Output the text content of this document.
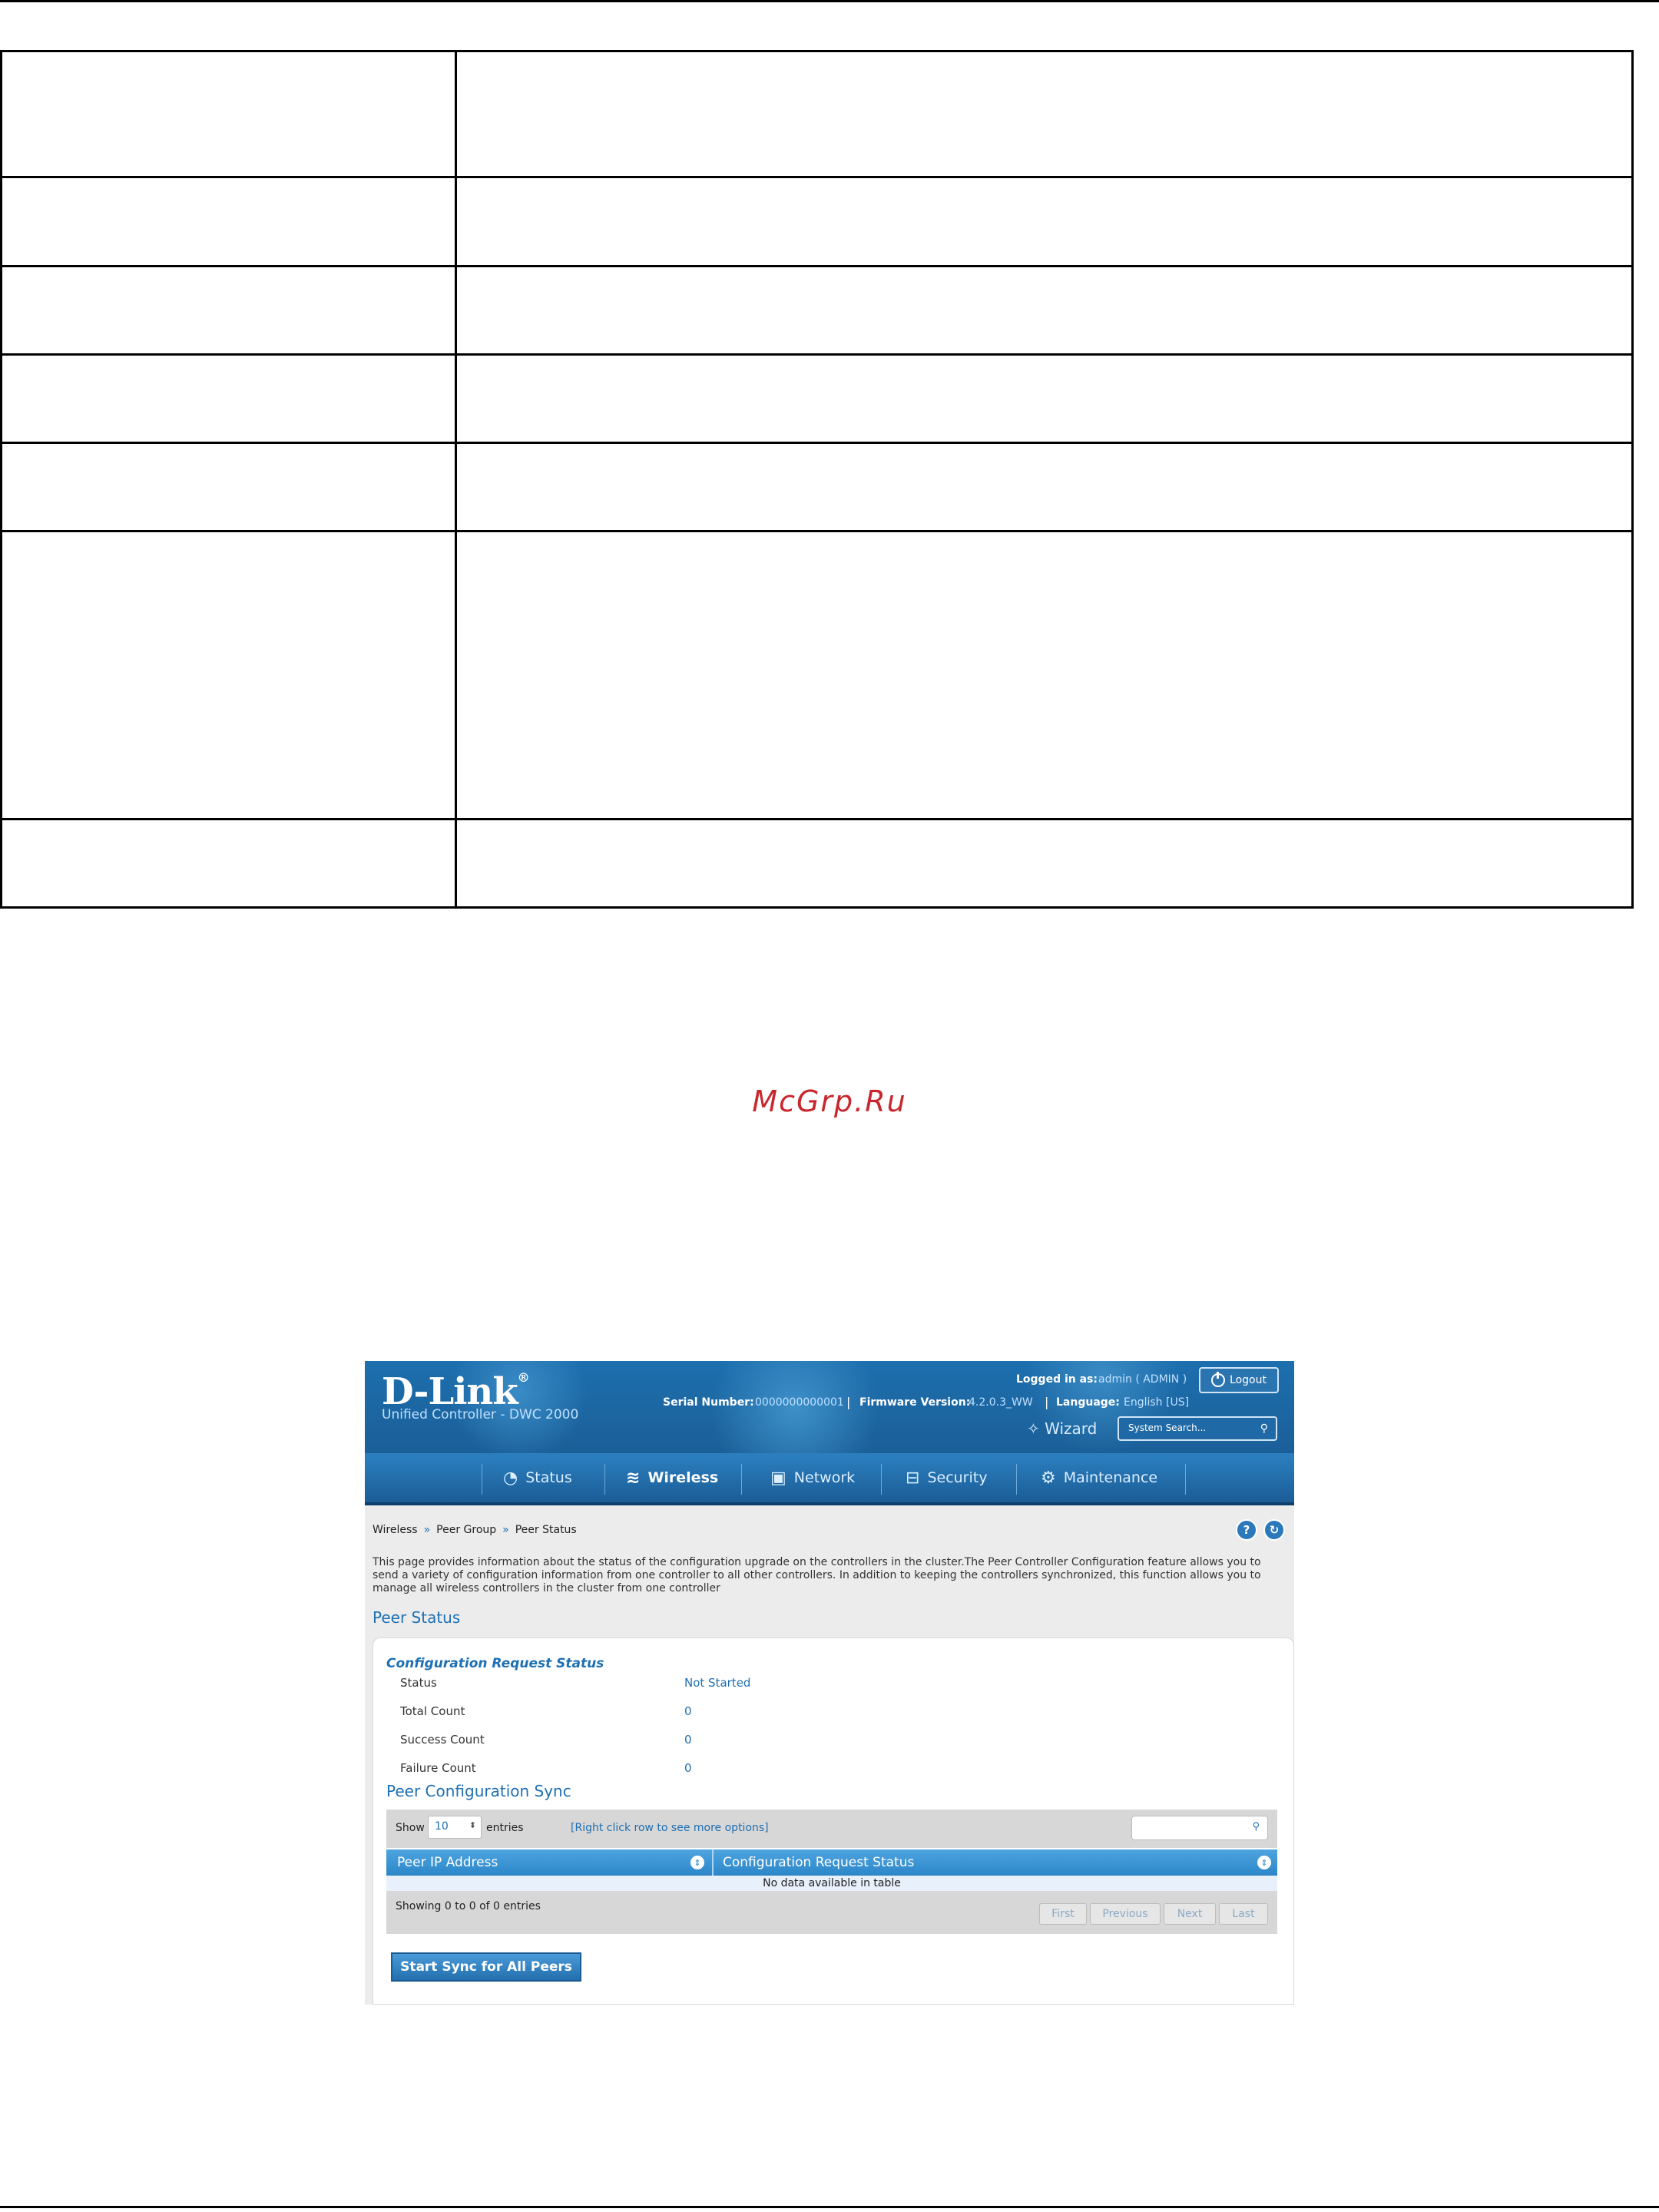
McGrp.Ru
D-Link®
Unified Controller - DWC 2000
Logged in as: admin ( ADMIN )	Logout
Serial Number: 0000000000001 | Firmware Version:
4.2.0.3_WW | Language: English [US]
✧ Wizard	System Search...	⚲
◔ Status	≋ Wireless	▣ Network	⊟ Security	⚙ Maintenance
Wireless » Peer Group » Peer Status	?	↻
This page provides information about the status of the configuration upgrade on the controllers in the cluster.The Peer Controller Configuration feature allows you to send a variety of configuration information from one controller to all other controllers. In addition to keeping the controllers synchronized, this function allows you to manage all wireless controllers in the cluster from one controller
Peer Status
Configuration Request Status
Status	Not Started
Total Count	0
Success Count	0
Failure Count	0
Peer Configuration Sync
Show 10 ⬍ entries	[Right click row to see more options]	⚲
Peer IP Address	⇕ Configuration Request Status	⇕
No data available in table
Showing 0 to 0 of 0 entries
First	Previous	Next	Last
Start Sync for All Peers
